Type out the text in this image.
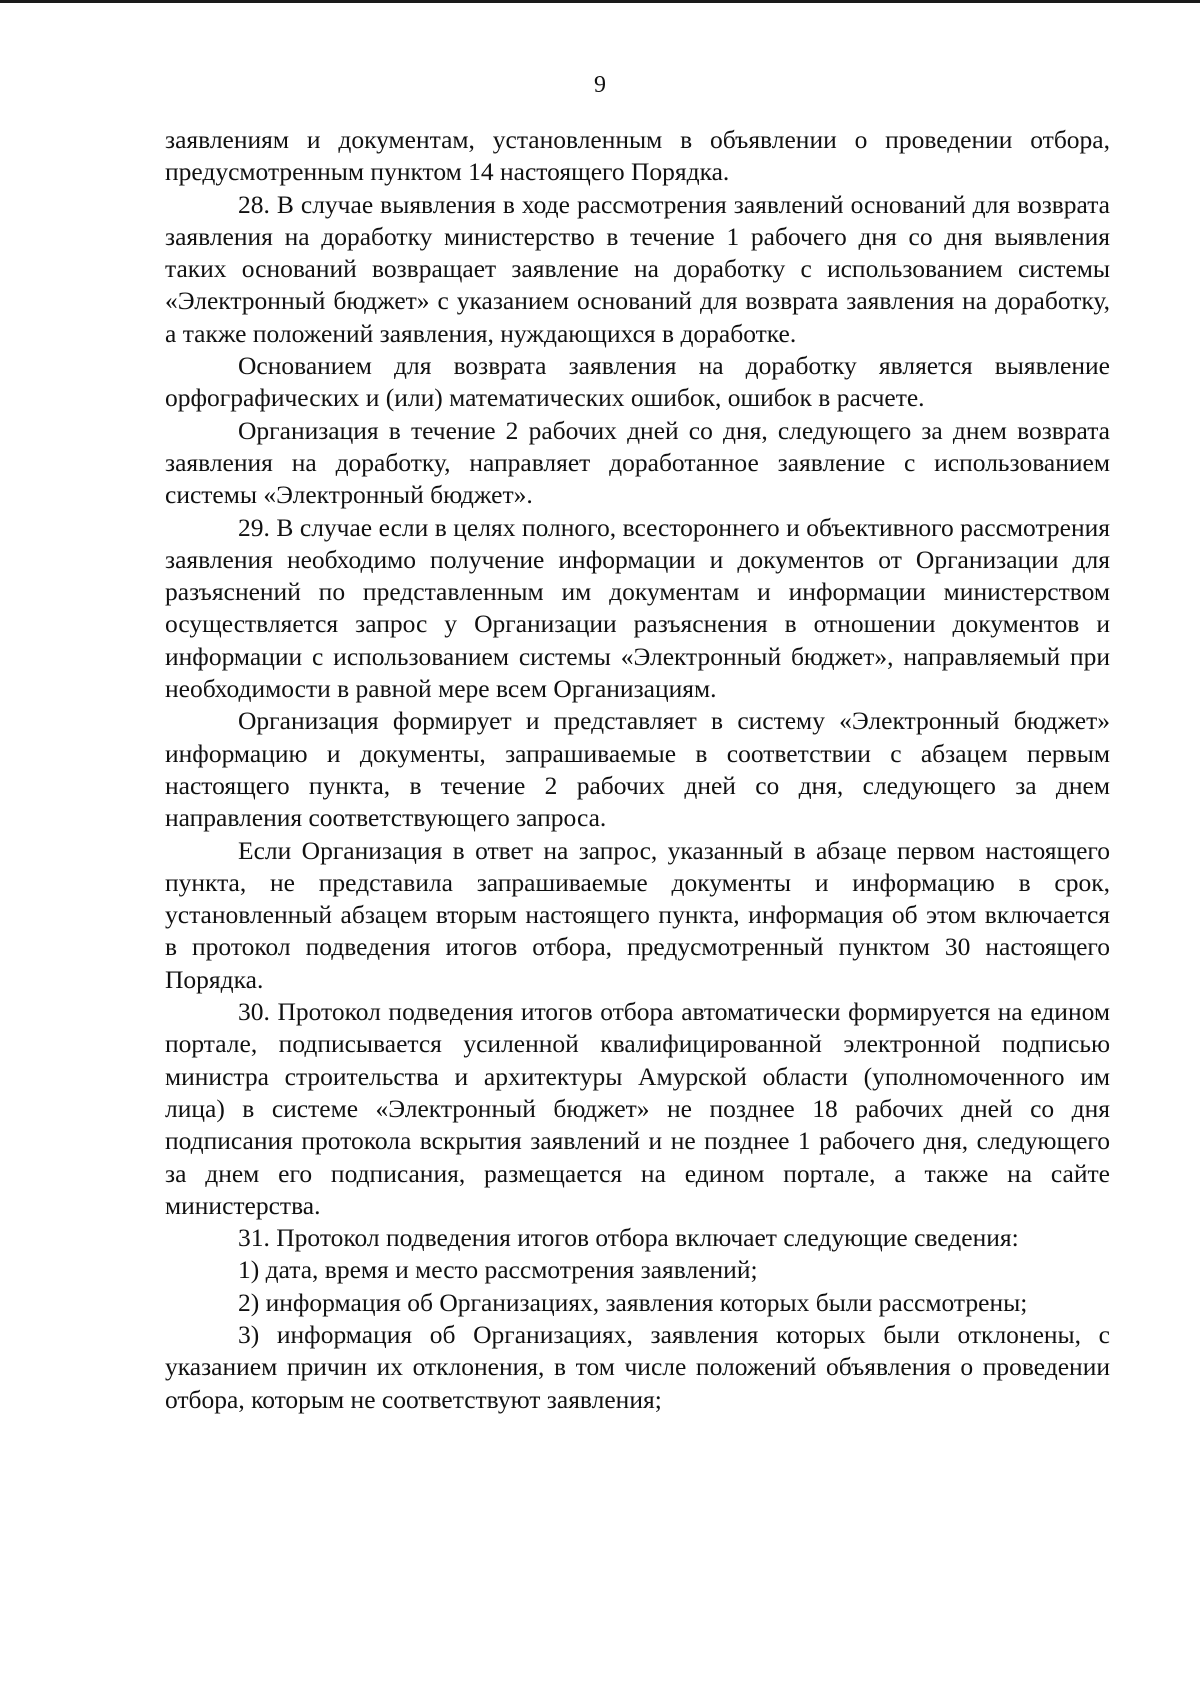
9

заявлениям и документам, установленным в объявлении о проведении отбора, предусмотренным пунктом 14 настоящего Порядка.

28. В случае выявления в ходе рассмотрения заявлений оснований для возврата заявления на доработку министерство в течение 1 рабочего дня со дня выявления таких оснований возвращает заявление на доработку с использованием системы «Электронный бюджет» с указанием оснований для возврата заявления на доработку, а также положений заявления, нуждающихся в доработке.

Основанием для возврата заявления на доработку является выявление орфографических и (или) математических ошибок, ошибок в расчете.

Организация в течение 2 рабочих дней со дня, следующего за днем возврата заявления на доработку, направляет доработанное заявление с использованием системы «Электронный бюджет».

29. В случае если в целях полного, всестороннего и объективного рассмотрения заявления необходимо получение информации и документов от Организации для разъяснений по представленным им документам и информации министерством осуществляется запрос у Организации разъяснения в отношении документов и информации с использованием системы «Электронный бюджет», направляемый при необходимости в равной мере всем Организациям.

Организация формирует и представляет в систему «Электронный бюджет» информацию и документы, запрашиваемые в соответствии с абзацем первым настоящего пункта, в течение 2 рабочих дней со дня, следующего за днем направления соответствующего запроса.

Если Организация в ответ на запрос, указанный в абзаце первом настоящего пункта, не представила запрашиваемые документы и информацию в срок, установленный абзацем вторым настоящего пункта, информация об этом включается в протокол подведения итогов отбора, предусмотренный пунктом 30 настоящего Порядка.

30. Протокол подведения итогов отбора автоматически формируется на едином портале, подписывается усиленной квалифицированной электронной подписью министра строительства и архитектуры Амурской области (уполномоченного им лица) в системе «Электронный бюджет» не позднее 18 рабочих дней со дня подписания протокола вскрытия заявлений и не позднее 1 рабочего дня, следующего за днем его подписания, размещается на едином портале, а также на сайте министерства.

31. Протокол подведения итогов отбора включает следующие сведения:

1) дата, время и место рассмотрения заявлений;

2) информация об Организациях, заявления которых были рассмотрены;

3) информация об Организациях, заявления которых были отклонены, с указанием причин их отклонения, в том числе положений объявления о проведении отбора, которым не соответствуют заявления;
